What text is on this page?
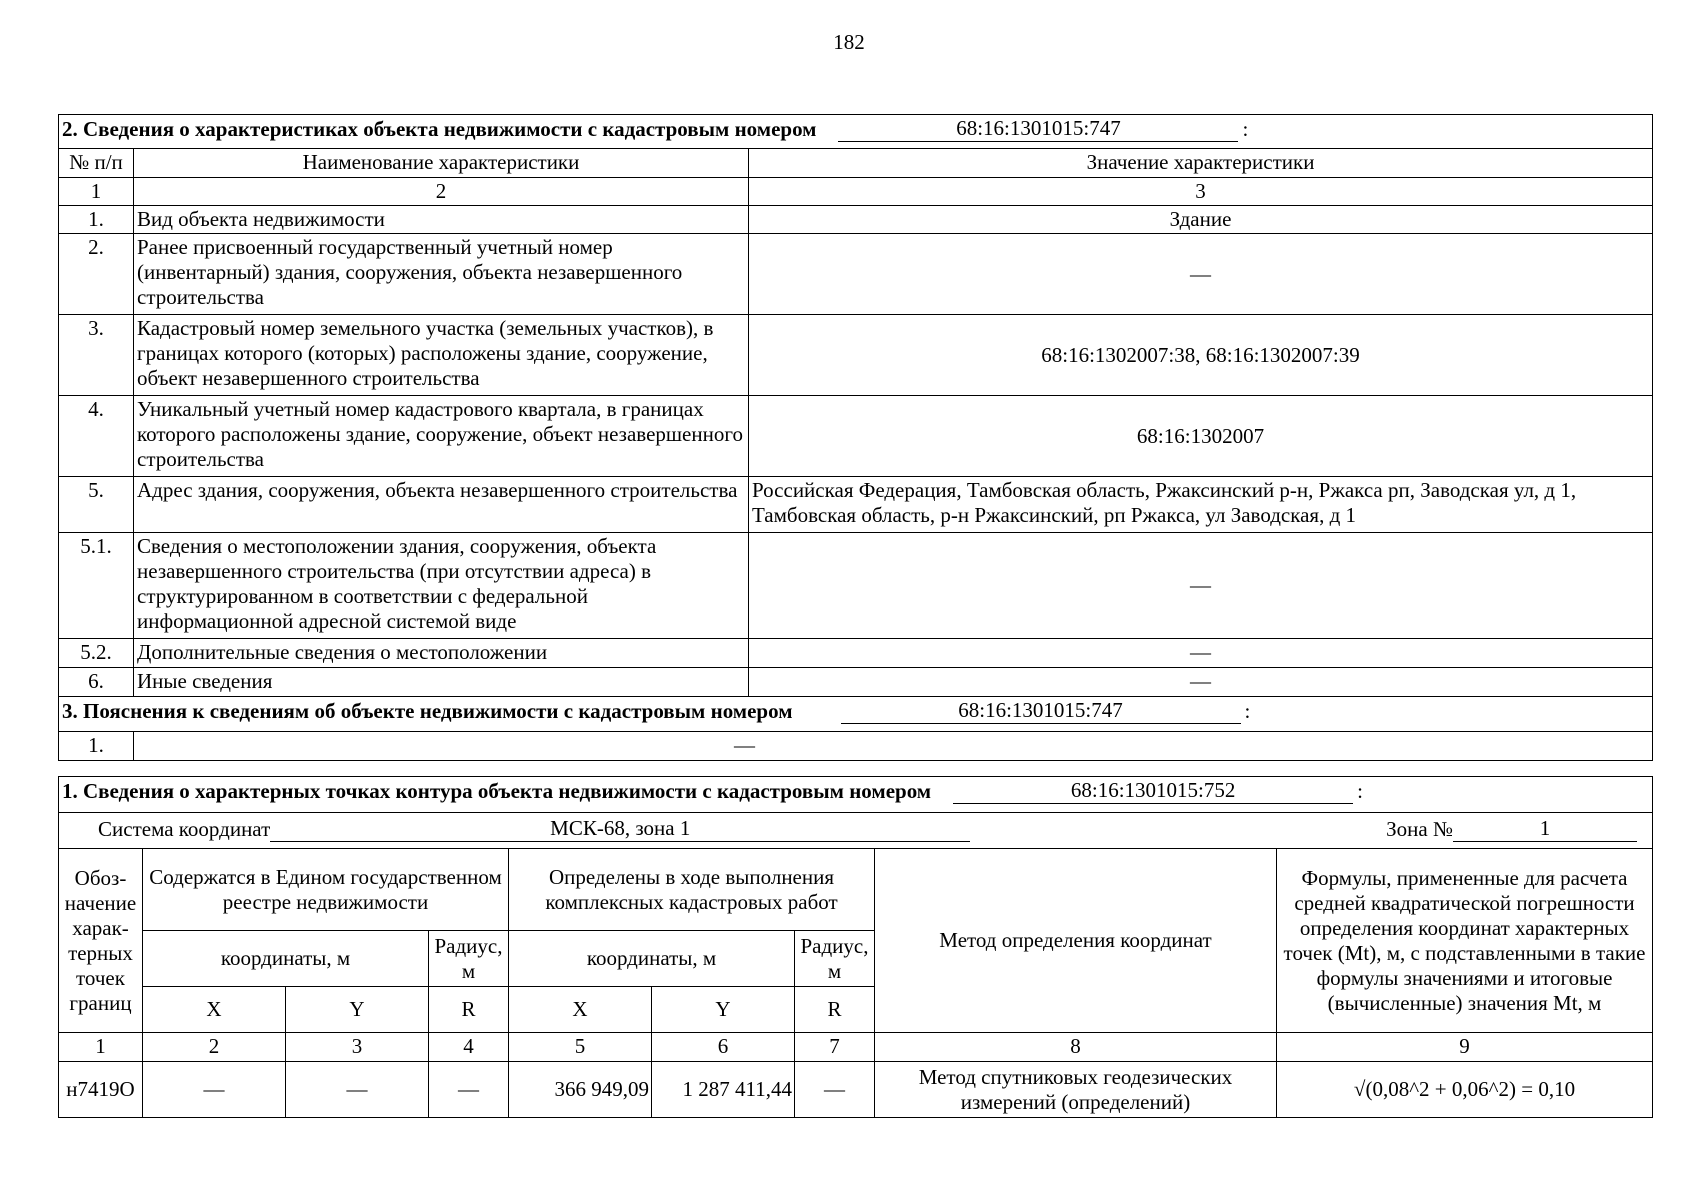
182
2. Сведения о характеристиках объекта недвижимости с кадастровым номером 68:16:1301015:747 :		

№ п/п	Наименование характеристики	Значение характеристики
1	2	3
1.	Вид объекта недвижимости	Здание
2.	Ранее присвоенный государственный учетный номер (инвентарный) здания, сооружения, объекта незавершенного строительства	—
3.	Кадастровый номер земельного участка (земельных участков), в границах которого (которых) расположены здание, сооружение, объект незавершенного строительства	68:16:1302007:38, 68:16:1302007:39
4.	Уникальный учетный номер кадастрового квартала, в границах которого расположены здание, сооружение, объект незавершенного строительства	68:16:1302007
5.	Адрес здания, сооружения, объекта незавершенного строительства	Российская Федерация, Тамбовская область, Ржаксинский р-н, Ржакса рп, Заводская ул, д 1, Тамбовская область, р-н Ржаксинский, рп Ржакса, ул Заводская, д 1
5.1.	Сведения о местоположении здания, сооружения, объекта незавершенного строительства (при отсутствии адреса) в структурированном в соответствии с федеральной информационной адресной системой виде	—
5.2.	Дополнительные сведения о местоположении	—
6.	Иные сведения	—

3. Пояснения к сведениям об объекте недвижимости с кадастровым номером 68:16:1301015:747 :		

1.	—	
1. Сведения о характерных точках контура объекта недвижимости с кадастровым номером 68:16:1301015:752 :								

Система координат МСК-68, зона 1 Зона № 1								

Обоз-начение харак-терных точек границ	Содержатся в Едином государственном реестре недвижимости			Определены в ходе выполнения комплексных кадастровых работ			Метод определения координат	Формулы, примененные для расчета средней квадратической погрешности определения координат характерных точек (Mt), м, с подставленными в такие формулы значениями и итоговые (вычисленные) значения Mt, м
	координаты, м		Радиус, м	координаты, м		Радиус, м		
	X	Y	R	X	Y	R		
1	2	3	4	5	6	7	8	9
н7419О	—	—	—	366 949,09	1 287 411,44	—	Метод спутниковых геодезических измерений (определений)	√(0,08^2 + 0,06^2) = 0,10
